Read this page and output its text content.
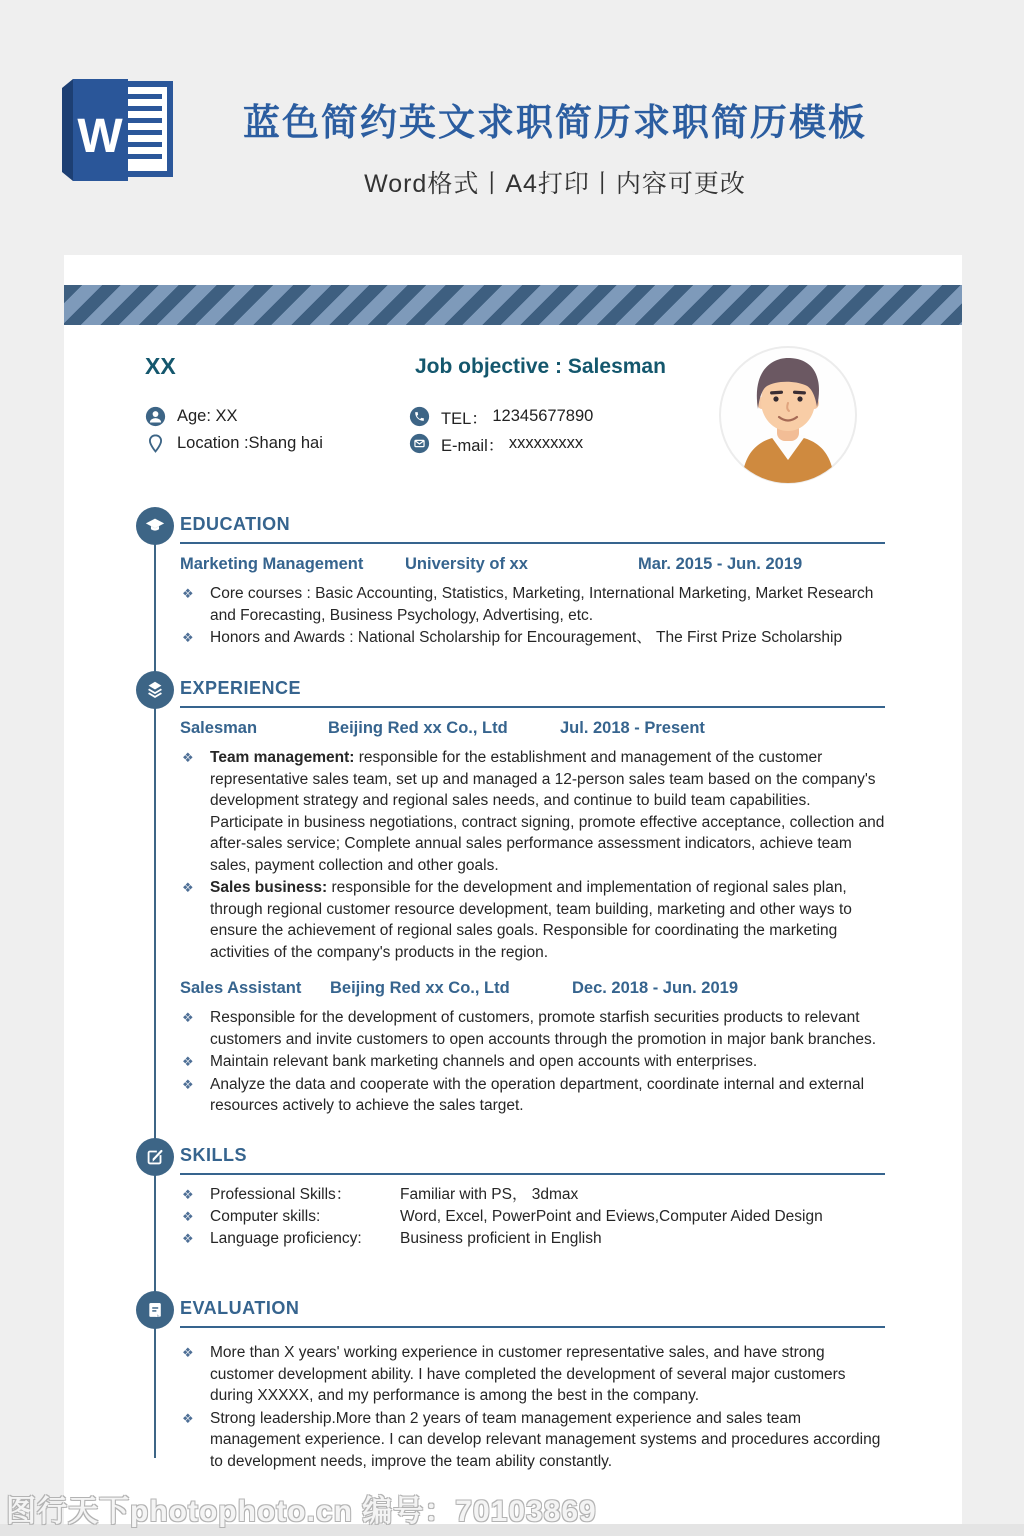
W	蓝色简约英文求职简历求职简历模板
Word格式丨A4打印丨内容可更改
XX	Job objective : Salesman
Age: XX
Location :Shang hai
TEL：
12345677890
E-mail：
xxxxxxxxx
EDUCATION
Marketing Management	University of xx	Mar. 2015 - Jun. 2019
❖ Core courses : Basic Accounting, Statistics, Marketing, International Marketing, Market Research and Forecasting, Business Psychology, Advertising, etc.
❖ Honors and Awards : National Scholarship for Encouragement、 The First Prize Scholarship
EXPERIENCE
Salesman	Beijing Red xx Co., Ltd	Jul. 2018 - Present
❖ Team management: responsible for the establishment and management of the customer representative sales team, set up and managed a 12-person sales team based on the company's development strategy and regional sales needs, and continue to build team capabilities. Participate in business negotiations, contract signing, promote effective acceptance, collection and after-sales service; Complete annual sales performance assessment indicators, achieve team sales, payment collection and other goals.
❖ Sales business: responsible for the development and implementation of regional sales plan, through regional customer resource development, team building, marketing and other ways to ensure the achievement of regional sales goals. Responsible for coordinating the marketing activities of the company's products in the region.
Sales Assistant Beijing Red xx Co., Ltd	Dec. 2018 - Jun. 2019
❖ Responsible for the development of customers, promote starfish securities products to relevant customers and invite customers to open accounts through the promotion in major bank branches.
❖ Maintain relevant bank marketing channels and open accounts with enterprises.
❖ Analyze the data and cooperate with the operation department, coordinate internal and external resources actively to achieve the sales target.
SKILLS
❖ Professional Skills：	Familiar with PS， 3dmax
❖ Computer skills:	Word, Excel, PowerPoint and Eviews,Computer Aided Design
❖ Language proficiency: Business proficient in English
EVALUATION
❖ More than X years' working experience in customer representative sales, and have strong customer development ability. I have completed the development of several major customers during XXXXX, and my performance is among the best in the company.
❖ Strong leadership.More than 2 years of team management experience and sales team management experience. I can develop relevant management systems and procedures according to development needs, improve the team ability constantly.
图行天下photophoto.cn 编号：70103869
